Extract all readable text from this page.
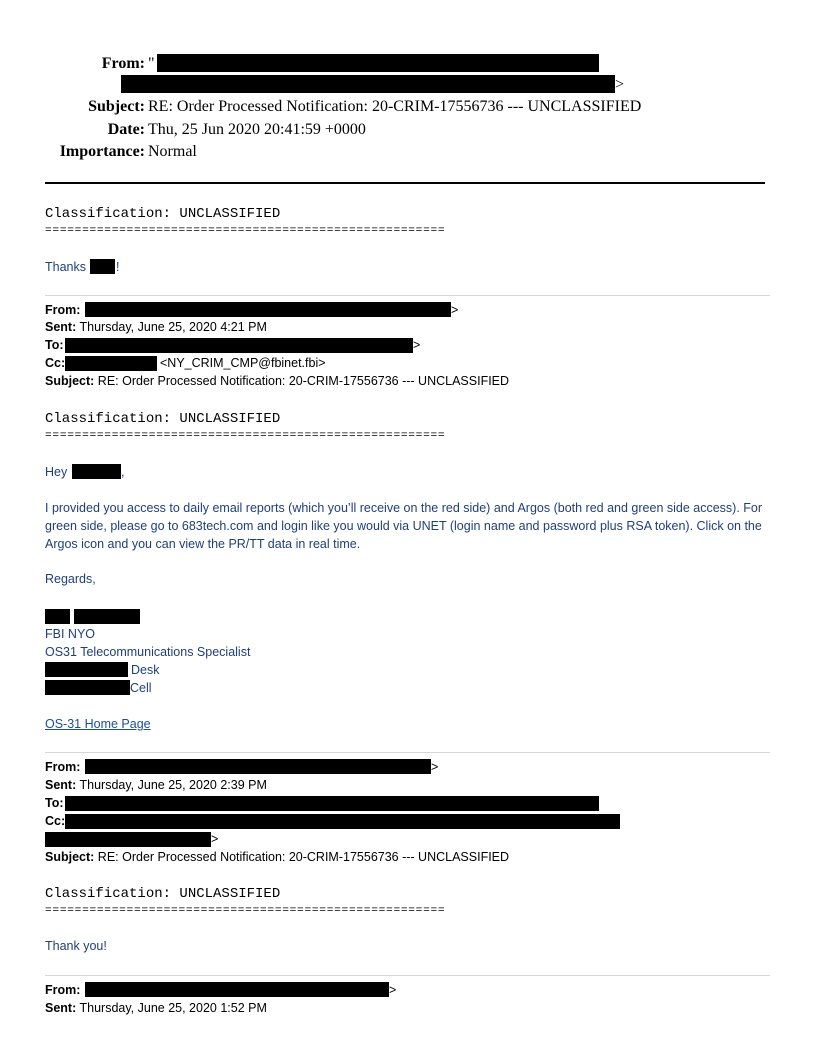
From: "
>
Subject: RE: Order Processed Notification: 20-CRIM-17556736 --- UNCLASSIFIED
Date: Thu, 25 Jun 2020 20:41:59 +0000
Importance: Normal
Classification: UNCLASSIFIED
======================================================
Thanks !
From:	>
Sent: Thursday, June 25, 2020 4:21 PM
To:	>
Cc:	<NY_CRIM_CMP@fbinet.fbi>
Subject: RE: Order Processed Notification: 20-CRIM-17556736 --- UNCLASSIFIED
Classification: UNCLASSIFIED
======================================================
Hey	,
I provided you access to daily email reports (which you’ll receive on the red side) and Argos (both red and green side access). For green side, please go to 683tech.com and login like you would via UNET (login name and password plus RSA token). Click on the Argos icon and you can view the PR/TT data in real time.
Regards,
FBI NYO
OS31 Telecommunications Specialist
Desk
Cell
OS-31 Home Page
From:	>
Sent: Thursday, June 25, 2020 2:39 PM
To:
Cc:
>
Subject: RE: Order Processed Notification: 20-CRIM-17556736 --- UNCLASSIFIED
Classification: UNCLASSIFIED
======================================================
Thank you!
From:	>
Sent: Thursday, June 25, 2020 1:52 PM
